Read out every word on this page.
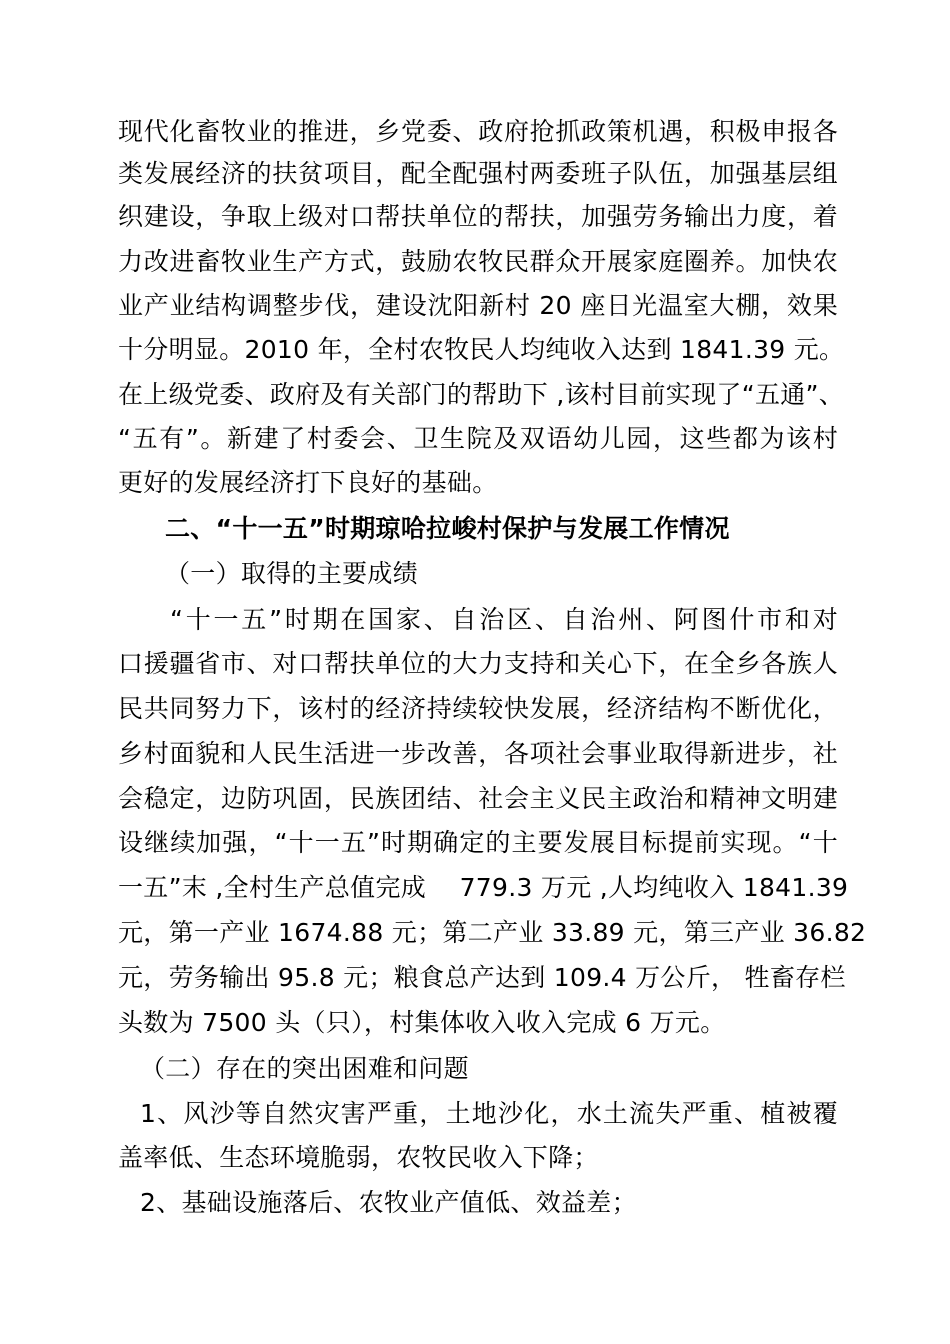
现代化畜牧业的推进，乡党委、政府抢抓政策机遇，积极申报各
类发展经济的扶贫项目，配全配强村两委班子队伍，加强基层组
织建设，争取上级对口帮扶单位的帮扶，加强劳务输出力度，着
力改进畜牧业生产方式，鼓励农牧民群众开展家庭圈养。加快农
业产业结构调整步伐，建设沈阳新村 20 座日光温室大棚，效果
十分明显。2010 年，全村农牧民人均纯收入达到 1841.39 元。
在上级党委、政府及有关部门的帮助下 ,该村目前实现了“五通”、
“五有”。新建了村委会、卫生院及双语幼儿园，这些都为该村
更好的发展经济打下良好的基础。
二、“十一五”时期琼哈拉峻村保护与发展工作情况
（一）取得的主要成绩
“十一五”时期在国家、自治区、自治州、阿图什市和对
口援疆省市、对口帮扶单位的大力支持和关心下，在全乡各族人
民共同努力下，该村的经济持续较快发展，经济结构不断优化，
乡村面貌和人民生活进一步改善，各项社会事业取得新进步，社
会稳定，边防巩固，民族团结、社会主义民主政治和精神文明建
设继续加强，“十一五”时期确定的主要发展目标提前实现。“十
一五”末 ,全村生产总值完成　 779.3 万元 ,人均纯收入 1841.39
元，第一产业 1674.88 元；第二产业 33.89 元，第三产业 36.82
元，劳务输出 95.8 元；粮食总产达到 109.4 万公斤， 牲畜存栏
头数为 7500 头（只），村集体收入收入完成 6 万元。
（二）存在的突出困难和问题
1、风沙等自然灾害严重，土地沙化，水土流失严重、植被覆
盖率低、生态环境脆弱，农牧民收入下降；
2、基础设施落后、农牧业产值低、效益差；
